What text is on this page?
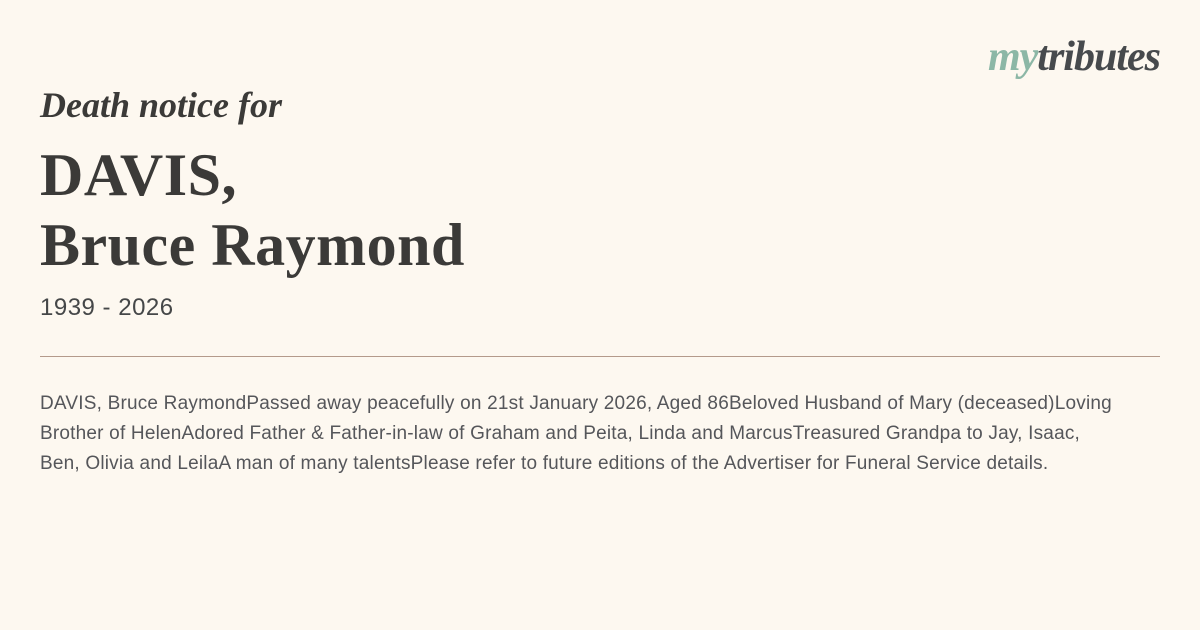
mytributes

Death notice for

DAVIS,
Bruce Raymond

1939 - 2026

DAVIS, Bruce RaymondPassed away peacefully on 21st January 2026, Aged 86Beloved Husband of Mary (deceased)Loving Brother of HelenAdored Father & Father-in-law of Graham and Peita, Linda and MarcusTreasured Grandpa to Jay, Isaac, Ben, Olivia and LeilaA man of many talentsPlease refer to future editions of the Advertiser for Funeral Service details.
